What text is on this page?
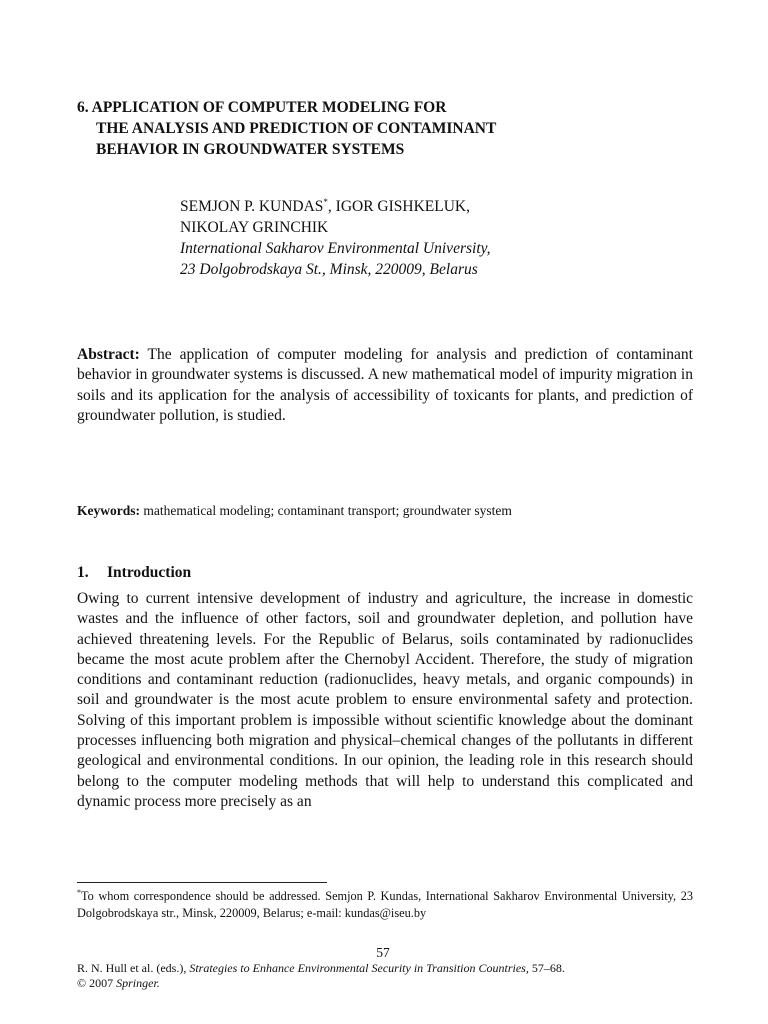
6. APPLICATION OF COMPUTER MODELING FOR
THE ANALYSIS AND PREDICTION OF CONTAMINANT
BEHAVIOR IN GROUNDWATER SYSTEMS
SEMJON P. KUNDAS*, IGOR GISHKELUK,
NIKOLAY GRINCHIK
International Sakharov Environmental University,
23 Dolgobrodskaya St., Minsk, 220009, Belarus
Abstract: The application of computer modeling for analysis and prediction of contaminant behavior in groundwater systems is discussed. A new mathematical model of impurity migration in soils and its application for the analysis of accessibility of toxicants for plants, and prediction of groundwater pollution, is studied.
Keywords: mathematical modeling; contaminant transport; groundwater system
1. Introduction

Owing to current intensive development of industry and agriculture, the increase in domestic wastes and the influence of other factors, soil and groundwater depletion, and pollution have achieved threatening levels. For the Republic of Belarus, soils contaminated by radionuclides became the most acute problem after the Chernobyl Accident. Therefore, the study of migration conditions and contaminant reduction (radionuclides, heavy metals, and organic compounds) in soil and groundwater is the most acute problem to ensure environmental safety and protection. Solving of this important problem is impossible without scientific knowledge about the dominant processes influencing both migration and physical–chemical changes of the pollutants in different geological and environmental conditions. In our opinion, the leading role in this research should belong to the computer modeling methods that will help to understand this complicated and dynamic process more precisely as an

*To whom correspondence should be addressed. Semjon P. Kundas, International Sakharov Environmental University, 23 Dolgobrodskaya str., Minsk, 220009, Belarus; e-mail: kundas@iseu.by
57
R. N. Hull et al. (eds.), Strategies to Enhance Environmental Security in Transition Countries, 57–68.
© 2007 Springer.
